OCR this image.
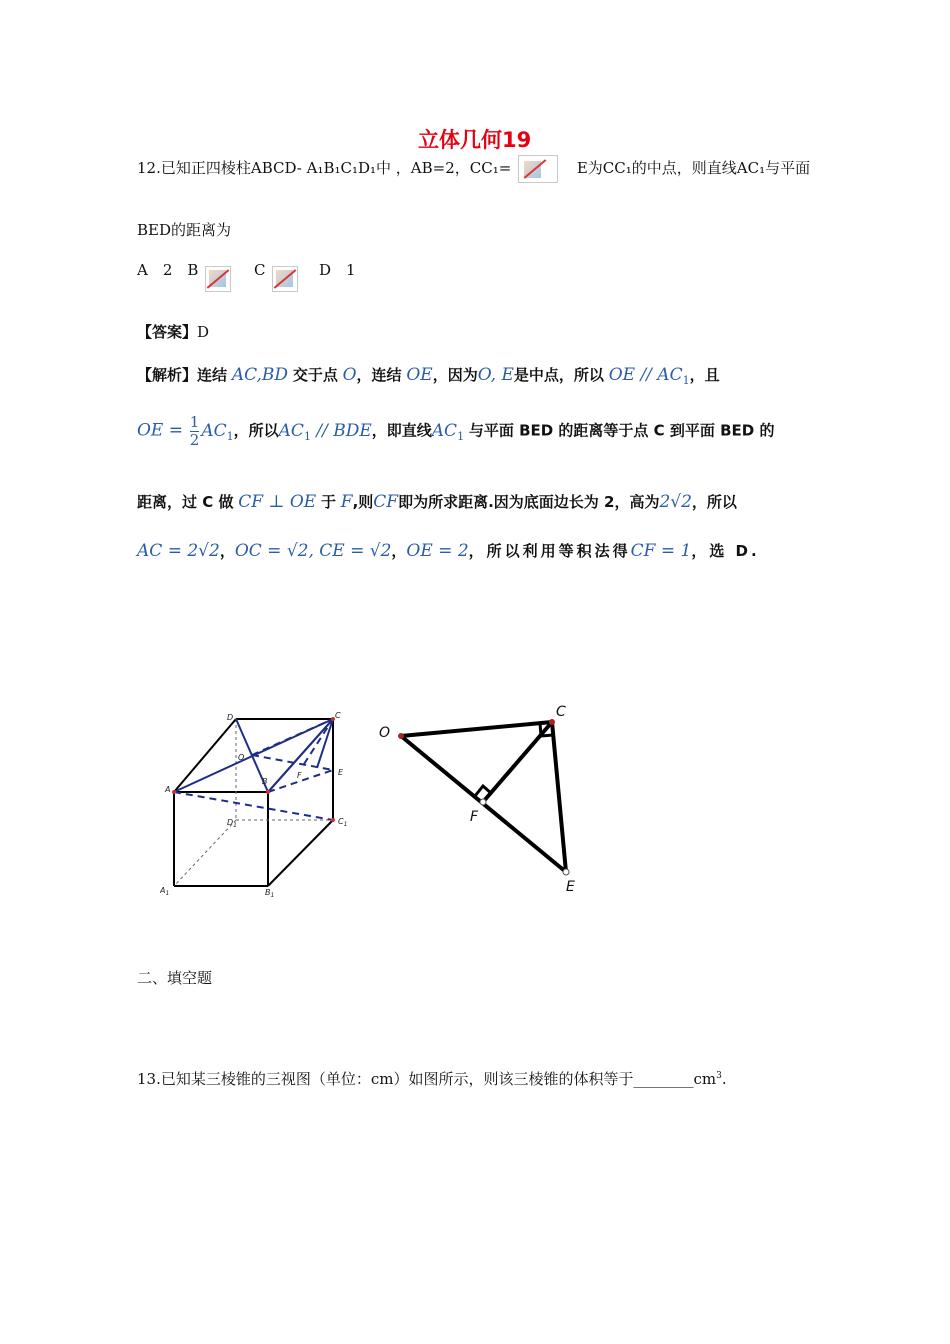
立体几何19
12.已知正四棱柱ABCD- A₁B₁C₁D₁中 ，AB=2，CC₁=	E为CC₁的中点，则直线AC₁与平面
BED的距离为
A　2　B	C	D　1
【答案】D
【解析】连结 AC,BD 交于点 O，连结 OE，因为O, E是中点，所以 OE // $AC_1$，且
OE = $\frac{1}{2} AC_1$，所以$AC_1$ // BDE，即直线$AC_1$ 与平面 BED 的距离等于点 C 到平面 BED 的
距离，过 C 做 CF ⊥ OE 于 F,则CF即为所求距离.因为底面边长为 2，高为2√2，所以
AC = 2√2，OC = √2, CE = √2，OE = 2，所以利用等积法得CF = 1，选 D.
D	C
O
A
B
F	E
$D_1$	$C_1$
$A_1$	$B_1$
O
C
F
E
二、填空题
13.已知某三棱锥的三视图（单位：cm）如图所示，则该三棱锥的体积等于$\_\_\_\_\_\_\_\_cm^3$.
